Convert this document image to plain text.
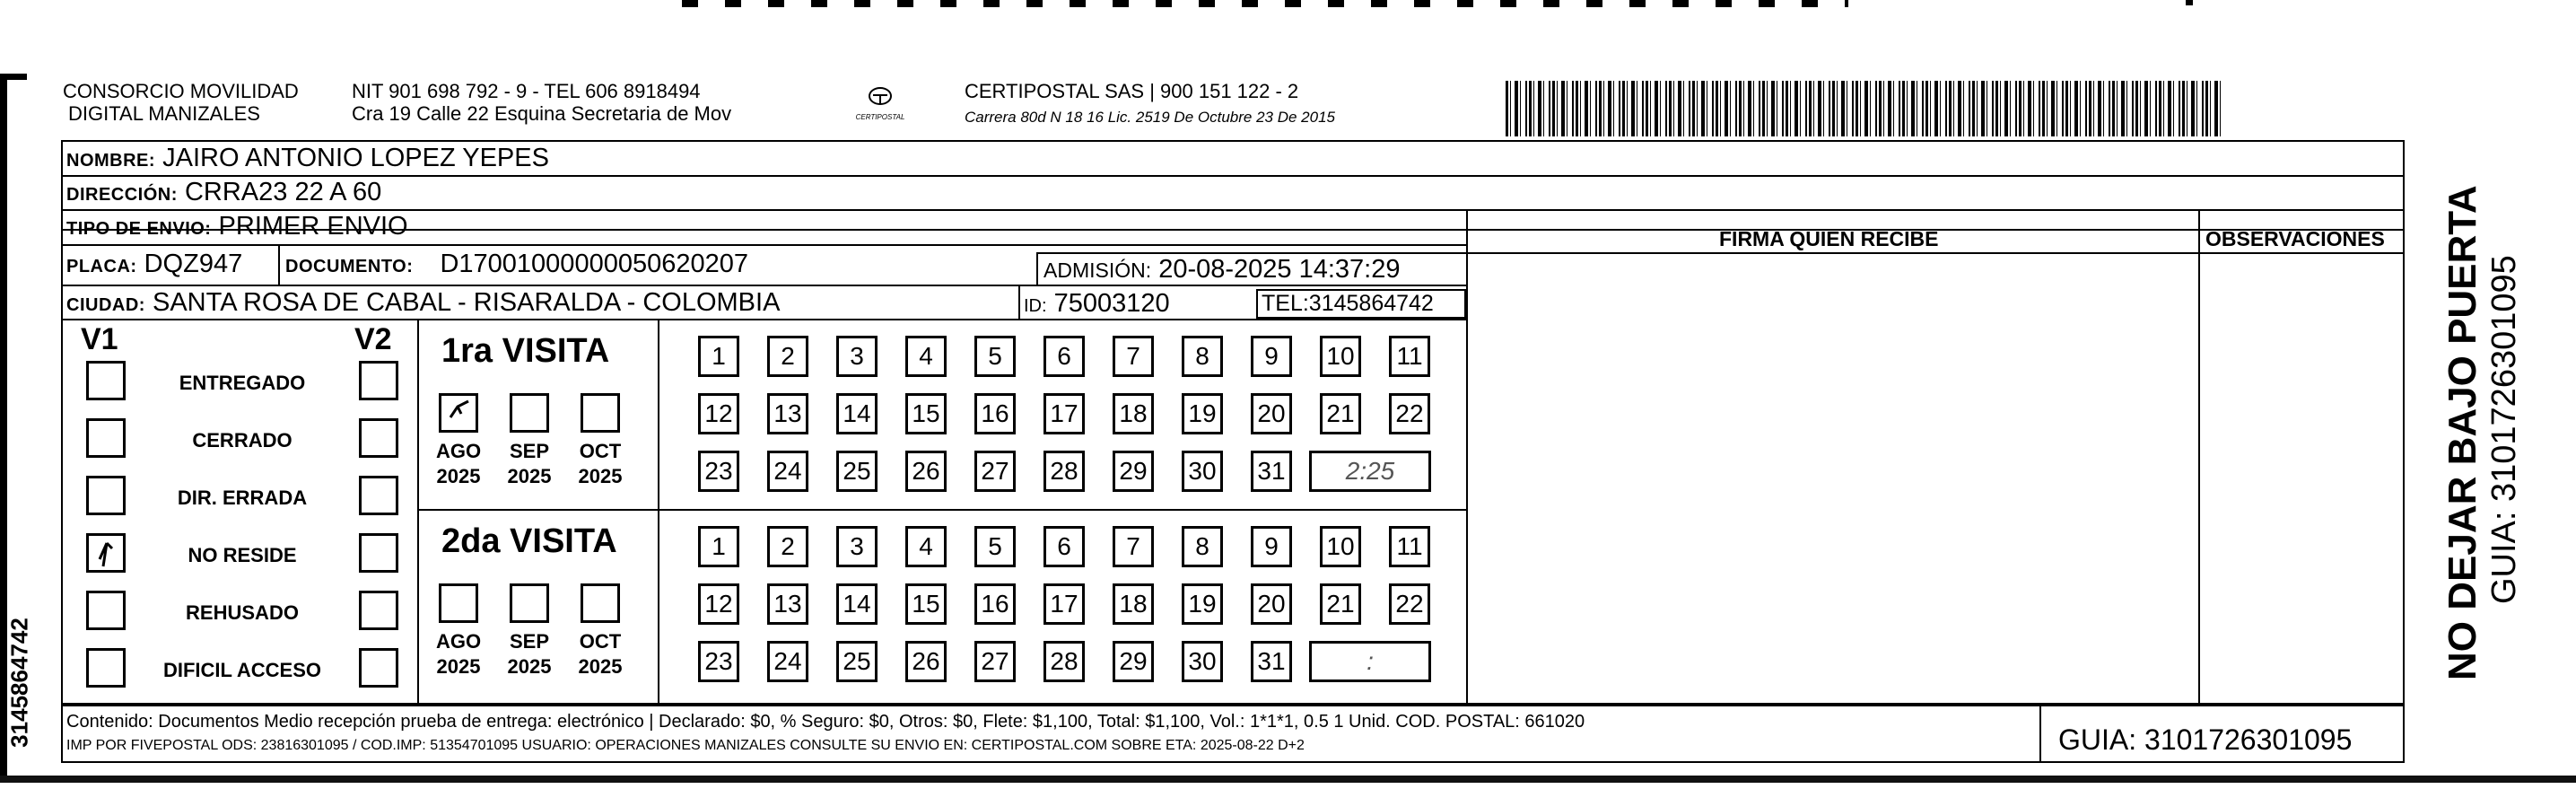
3145864742
CONSORCIO MOVILIDAD
DIGITAL MANIZALES
NIT 901 698 792 - 9 - TEL 606 8918494
Cra 19 Calle 22 Esquina Secretaria de Mov	CERTIPOSTAL
CERTIPOSTAL SAS | 900 151 122 - 2
Carrera 80d N 18 16 Lic. 2519 De Octubre 23 De 2015
NOMBRE: JAIRO ANTONIO LOPEZ YEPES
DIRECCIÓN: CRRA23 22 A 60
TIPO DE ENVIO: PRIMER ENVIO
PLACA: DQZ947 DOCUMENTO: D17001000000050620207	ADMISIÓN: 20-08-2025 14:37:29
CIUDAD: SANTA ROSA DE CABAL - RISARALDA - COLOMBIA	ID: 75003120	TEL:3145864742
FIRMA QUIEN RECIBE	OBSERVACIONES
V1	V2
ENTREGADO
CERRADO
DIR. ERRADA
NO RESIDE
REHUSADO
DIFICIL ACCESO
1ra VISITA
2da VISITA
AGO
2025
SEP
2025
OCT
2025
1	2	3	4	5	6	7	8	9	10	11
12 13 14 15 16 17 18 19 20 21 22
23 24 25 26 27 28 29 30 31	2:25
AGO
2025
SEP
2025
OCT
2025
1	2	3	4	5	6	7	8	9	10	11
12 13 14 15 16 17 18 19 20 21 22
23 24 25 26 27 28 29 30 31	:
Contenido: Documentos Medio recepción prueba de entrega: electrónico | Declarado: $0, % Seguro: $0, Otros: $0, Flete: $1,100, Total: $1,100, Vol.: 1*1*1, 0.5 1 Unid. COD. POSTAL: 661020
IMP POR FIVEPOSTAL ODS: 23816301095 / COD.IMP: 51354701095 USUARIO: OPERACIONES MANIZALES CONSULTE SU ENVIO EN: CERTIPOSTAL.COM SOBRE ETA: 2025-08-22 D+2	GUIA: 3101726301095
NO DEJAR BAJO PUERTA GUIA: 3101726301095
